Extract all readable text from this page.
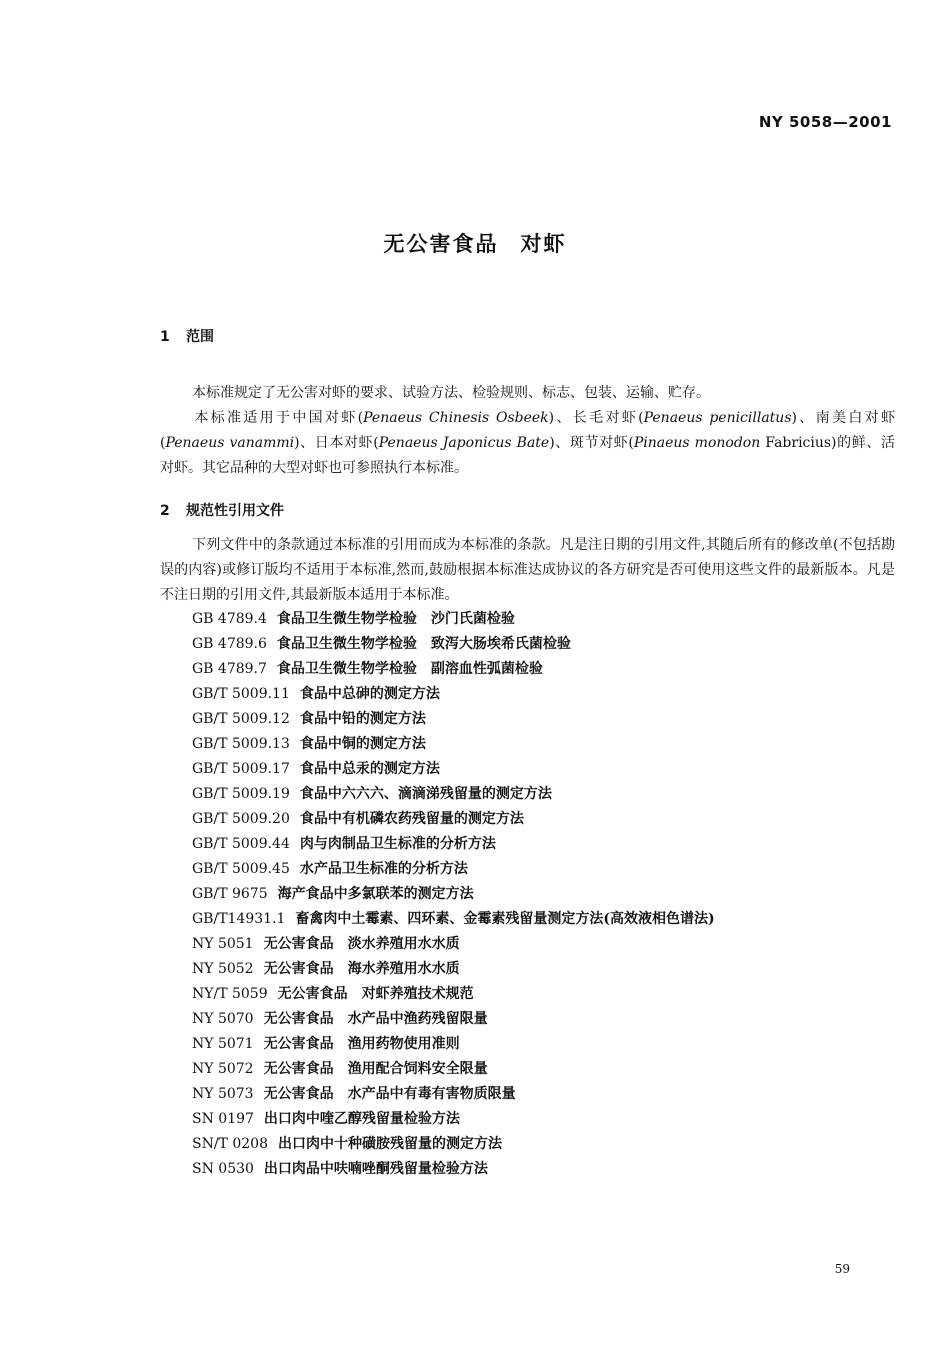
NY 5058—2001
无公害食品 对虾
1 范围
本标准规定了无公害对虾的要求、试验方法、检验规则、标志、包装、运输、贮存。
本标准适用于中国对虾(Penaeus Chinesis Osbeek)、长毛对虾(Penaeus penicillatus)、南美白对虾(Penaeus vanammi)、日本对虾(Penaeus Japonicus Bate)、斑节对虾(Pinaeus monodon Fabricius)的鲜、活对虾。其它品种的大型对虾也可参照执行本标准。
2 规范性引用文件
下列文件中的条款通过本标准的引用而成为本标准的条款。凡是注日期的引用文件,其随后所有的修改单(不包括勘误的内容)或修订版均不适用于本标准,然而,鼓励根据本标准达成协议的各方研究是否可使用这些文件的最新版本。凡是不注日期的引用文件,其最新版本适用于本标准。
GB 4789.4 食品卫生微生物学检验　沙门氏菌检验
GB 4789.6 食品卫生微生物学检验　致泻大肠埃希氏菌检验
GB 4789.7 食品卫生微生物学检验　副溶血性弧菌检验
GB/T 5009.11 食品中总砷的测定方法
GB/T 5009.12 食品中铅的测定方法
GB/T 5009.13 食品中铜的测定方法
GB/T 5009.17 食品中总汞的测定方法
GB/T 5009.19 食品中六六六、滴滴涕残留量的测定方法
GB/T 5009.20 食品中有机磷农药残留量的测定方法
GB/T 5009.44 肉与肉制品卫生标准的分析方法
GB/T 5009.45 水产品卫生标准的分析方法
GB/T 9675 海产食品中多氯联苯的测定方法
GB/T14931.1 畜禽肉中土霉素、四环素、金霉素残留量测定方法(高效液相色谱法)
NY 5051 无公害食品　淡水养殖用水水质
NY 5052 无公害食品　海水养殖用水水质
NY/T 5059 无公害食品　对虾养殖技术规范
NY 5070 无公害食品　水产品中渔药残留限量
NY 5071 无公害食品　渔用药物使用准则
NY 5072 无公害食品　渔用配合饲料安全限量
NY 5073 无公害食品　水产品中有毒有害物质限量
SN 0197 出口肉中喹乙醇残留量检验方法
SN/T 0208 出口肉中十种磺胺残留量的测定方法
SN 0530 出口肉品中呋喃唑酮残留量检验方法
59
